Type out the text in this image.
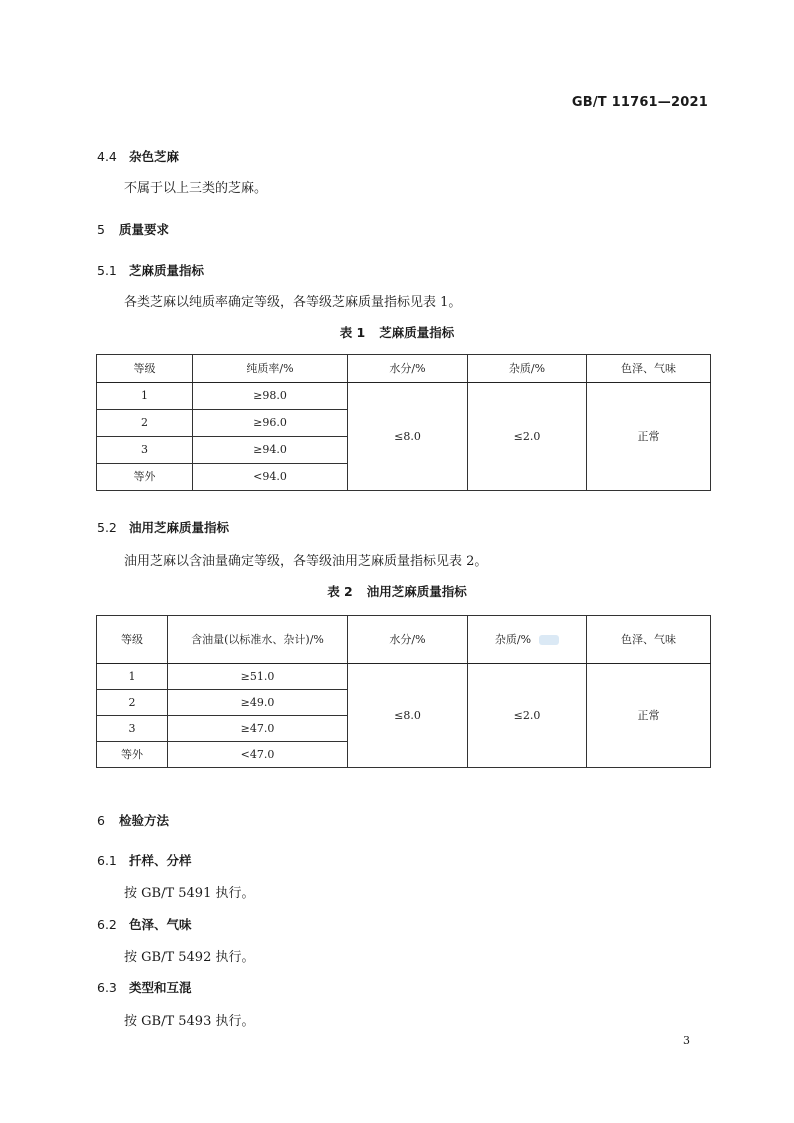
GB/T 11761—2021
4.4 杂色芝麻
不属于以上三类的芝麻。
5 质量要求
5.1 芝麻质量指标
各类芝麻以纯质率确定等级，各等级芝麻质量指标见表 1。
表 1 芝麻质量指标
等级	纯质率/%	水分/%	杂质/%	色泽、气味
1	≥98.0	≤8.0	≤2.0	正常
2	≥96.0			
3	≥94.0			
等外	<94.0			
5.2 油用芝麻质量指标
油用芝麻以含油量确定等级，各等级油用芝麻质量指标见表 2。
表 2 油用芝麻质量指标
等级	含油量(以标准水、杂计)/%	水分/%	杂质/%	色泽、气味
1	≥51.0	≤8.0	≤2.0	正常
2	≥49.0			
3	≥47.0			
等外	<47.0			
6 检验方法
6.1 扦样、分样
按 GB/T 5491 执行。
6.2 色泽、气味
按 GB/T 5492 执行。
6.3 类型和互混
按 GB/T 5493 执行。
3
